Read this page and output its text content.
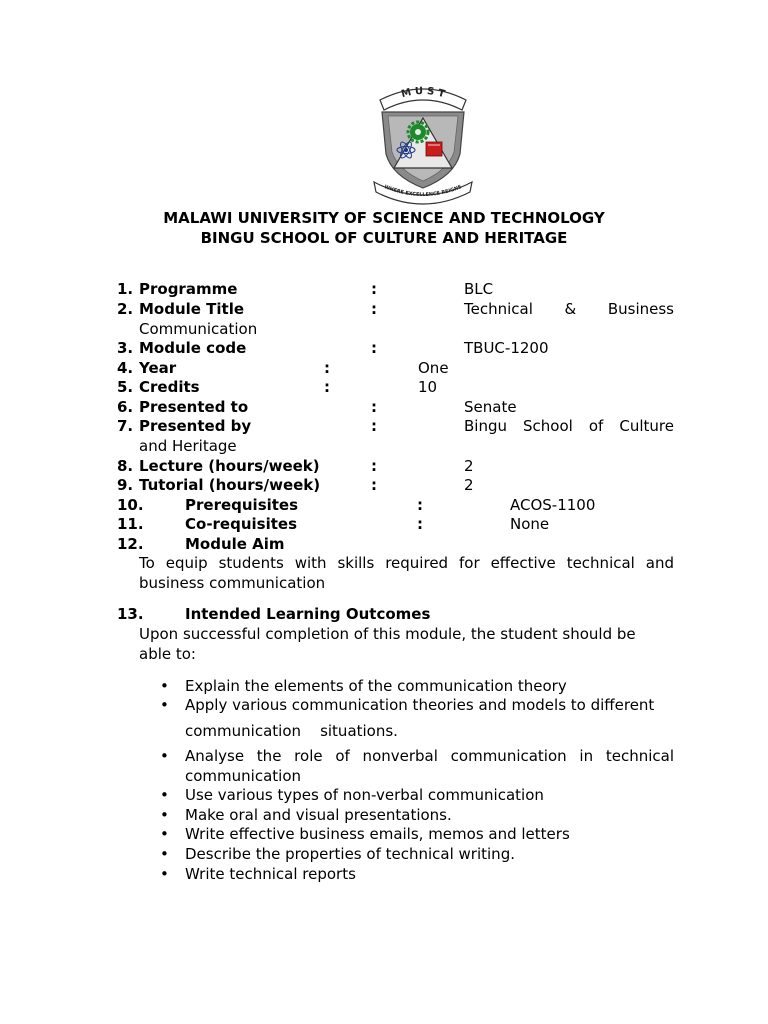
M U S T
WHERE EXCELLENCE REIGNS
MALAWI UNIVERSITY OF SCIENCE AND TECHNOLOGY
BINGU SCHOOL OF CULTURE AND HERITAGE
1. Programme	:	BLC
2. Module Title	:	Technical & Business
Communication
3. Module code	:	TBUC-1200
4. Year	:	One
5. Credits	:	10
6. Presented to	:	Senate
7. Presented by	:	Bingu School of Culture
and Heritage
8. Lecture (hours/week)	:	2
9. Tutorial (hours/week)	:	2
10.	Prerequisites	:	ACOS-1100
11.	Co-requisites	:	None
12.	Module Aim
To equip students with skills required for effective technical and
business communication
13.	Intended Learning Outcomes
Upon successful completion of this module, the student should be
able to:
• Explain the elements of the communication theory
• Apply various communication theories and models to different
communication    situations.
• Analyse the role of nonverbal communication in technical
communication
• Use various types of non-verbal communication
• Make oral and visual presentations.
• Write effective business emails, memos and letters
• Describe the properties of technical writing.
• Write technical reports
